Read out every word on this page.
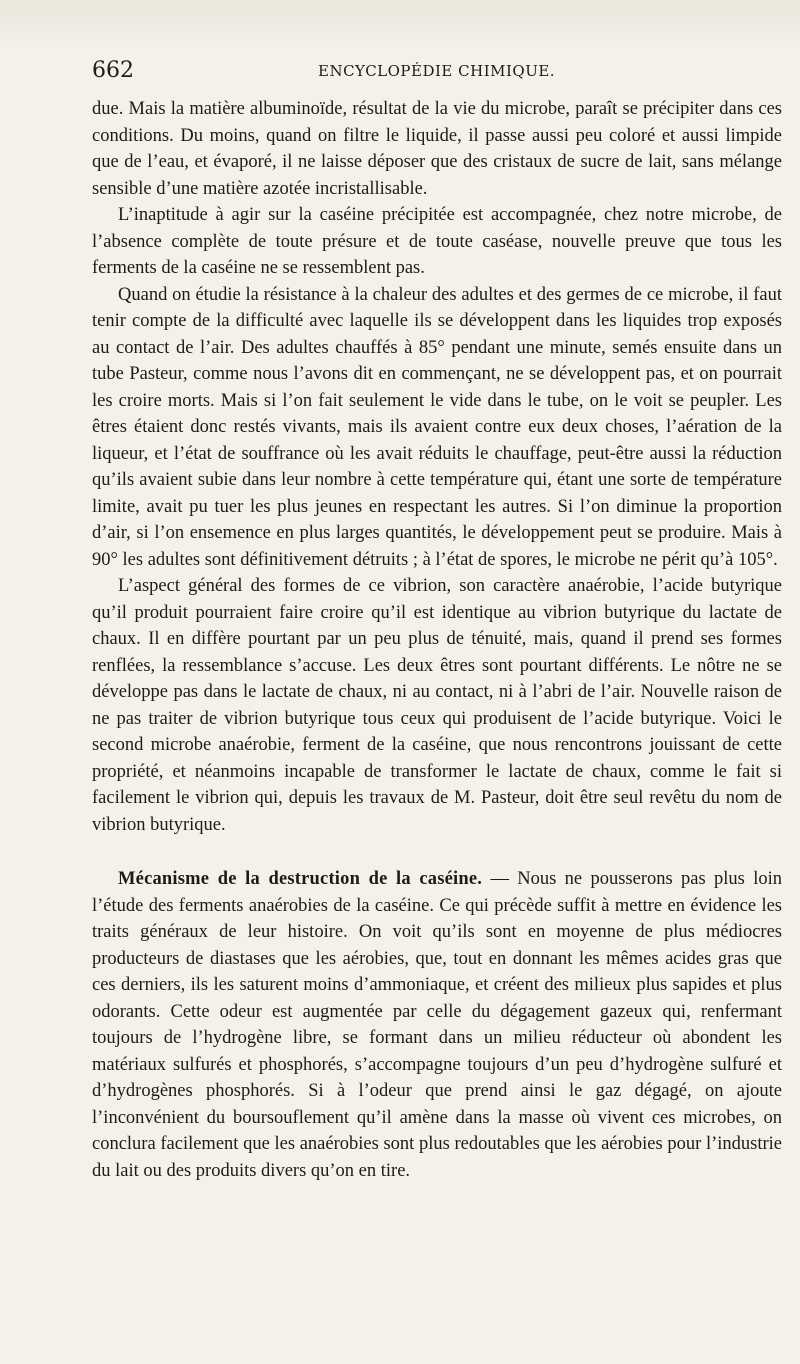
662	ENCYCLOPÉDIE CHIMIQUE.

due. Mais la matière albuminoïde, résultat de la vie du microbe, paraît se précipiter dans ces conditions. Du moins, quand on filtre le liquide, il passe aussi peu coloré et aussi limpide que de l’eau, et évaporé, il ne laisse déposer que des cristaux de sucre de lait, sans mélange sensible d’une matière azotée incristallisable.

L’inaptitude à agir sur la caséine précipitée est accompagnée, chez notre microbe, de l’absence complète de toute présure et de toute caséase, nouvelle preuve que tous les ferments de la caséine ne se ressemblent pas.

Quand on étudie la résistance à la chaleur des adultes et des germes de ce microbe, il faut tenir compte de la difficulté avec laquelle ils se développent dans les liquides trop exposés au contact de l’air. Des adultes chauffés à 85° pendant une minute, semés ensuite dans un tube Pasteur, comme nous l’avons dit en commençant, ne se développent pas, et on pourrait les croire morts. Mais si l’on fait seulement le vide dans le tube, on le voit se peupler. Les êtres étaient donc restés vivants, mais ils avaient contre eux deux choses, l’aération de la liqueur, et l’état de souffrance où les avait réduits le chauffage, peut-être aussi la réduction qu’ils avaient subie dans leur nombre à cette température qui, étant une sorte de température limite, avait pu tuer les plus jeunes en respectant les autres. Si l’on diminue la proportion d’air, si l’on ensemence en plus larges quantités, le développement peut se produire. Mais à 90° les adultes sont définitivement détruits ; à l’état de spores, le microbe ne périt qu’à 105°.

L’aspect général des formes de ce vibrion, son caractère anaérobie, l’acide butyrique qu’il produit pourraient faire croire qu’il est identique au vibrion butyrique du lactate de chaux. Il en diffère pourtant par un peu plus de ténuité, mais, quand il prend ses formes renflées, la ressemblance s’accuse. Les deux êtres sont pourtant différents. Le nôtre ne se développe pas dans le lactate de chaux, ni au contact, ni à l’abri de l’air. Nouvelle raison de ne pas traiter de vibrion butyrique tous ceux qui produisent de l’acide butyrique. Voici le second microbe anaérobie, ferment de la caséine, que nous rencontrons jouissant de cette propriété, et néanmoins incapable de transformer le lactate de chaux, comme le fait si facilement le vibrion qui, depuis les travaux de M. Pasteur, doit être seul revêtu du nom de vibrion butyrique.

Mécanisme de la destruction de la caséine. — Nous ne pousserons pas plus loin l’étude des ferments anaérobies de la caséine. Ce qui précède suffit à mettre en évidence les traits généraux de leur histoire. On voit qu’ils sont en moyenne de plus médiocres producteurs de diastases que les aérobies, que, tout en donnant les mêmes acides gras que ces derniers, ils les saturent moins d’ammoniaque, et créent des milieux plus sapides et plus odorants. Cette odeur est augmentée par celle du dégagement gazeux qui, renfermant toujours de l’hydrogène libre, se formant dans un milieu réducteur où abondent les matériaux sulfurés et phosphorés, s’accompagne toujours d’un peu d’hydrogène sulfuré et d’hydrogènes phosphorés. Si à l’odeur que prend ainsi le gaz dégagé, on ajoute l’inconvénient du boursouflement qu’il amène dans la masse où vivent ces microbes, on conclura facilement que les anaérobies sont plus redoutables que les aérobies pour l’industrie du lait ou des produits divers qu’on en tire.
